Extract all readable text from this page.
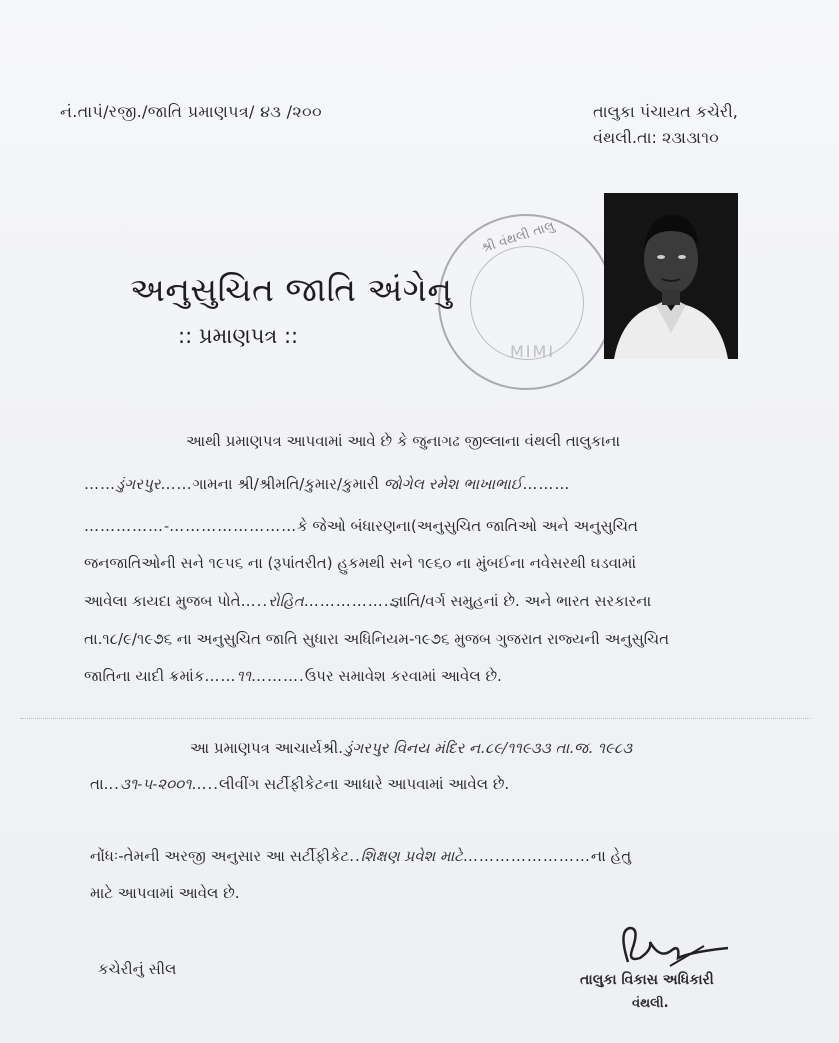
નં.તાપં/રજી./જાતિ પ્રમાણપત્ર/ ૪૩ /૨૦૦	તાલુકા પંચાયત કચેરી,
વંથલી.તા: ૨૩।૩।૧૦
શ્રી વંથલી તાલુ
MIMI
અનુસુચિત જાતિ અંગેનુ
:: પ્રમાણપત્ર ::
આથી પ્રમાણપત્ર આપવામાં આવે છે કે જુનાગઢ જીલ્લાના વંથલી તાલુકાના
……ડુંગરપુર……ગામના શ્રી/શ્રીમતિ/કુમાર/કુમારી જોગેલ રમેશ ભાખાભાઈ………
……………-……………………કે જેઓ બંધારણના(અનુસુચિત જાતિઓ અને અનુસુચિત
જનજાતિઓની સને ૧૯૫૬ ના (રૂપાંતરીત) હુકમથી સને ૧૯૬૦ ના મુંબઈના નવેસરથી ઘડવામાં
આવેલા કાયદા મુજબ પોતે…..રોહિત…………….જ્ઞાતિ/વર્ગ સમુહનાં છે. અને ભારત સરકારના
તા.૧૮/૯/૧૯૭૬ ના અનુસુચિત જાતિ સુધારા અધિનિયમ-૧૯૭૬ મુજબ ગુજરાત રાજ્યની અનુસુચિત
જાતિના યાદી ક્રમાંક……૧૧……….ઉપર સમાવેશ કરવામાં આવેલ છે.
આ પ્રમાણપત્ર આચાર્યશ્રી.ડુંગરપુર વિનય મંદિર ન.૮૯/૧૧૯૩૩ તા.જ. ૧૯૮૩
તા...૩૧-૫-૨૦૦૧…..લીવીંગ સર્ટીફીકેટના આધારે આપવામાં આવેલ છે.
નોંધઃ-તેમની અરજી અનુસાર આ સર્ટીફીકેટ..શિક્ષણ પ્રવેશ માટે……………………ના હેતુ
માટે આપવામાં આવેલ છે.
કચેરીનું સીલ
તાલુકા વિકાસ અધિકારી
વંથલી.
